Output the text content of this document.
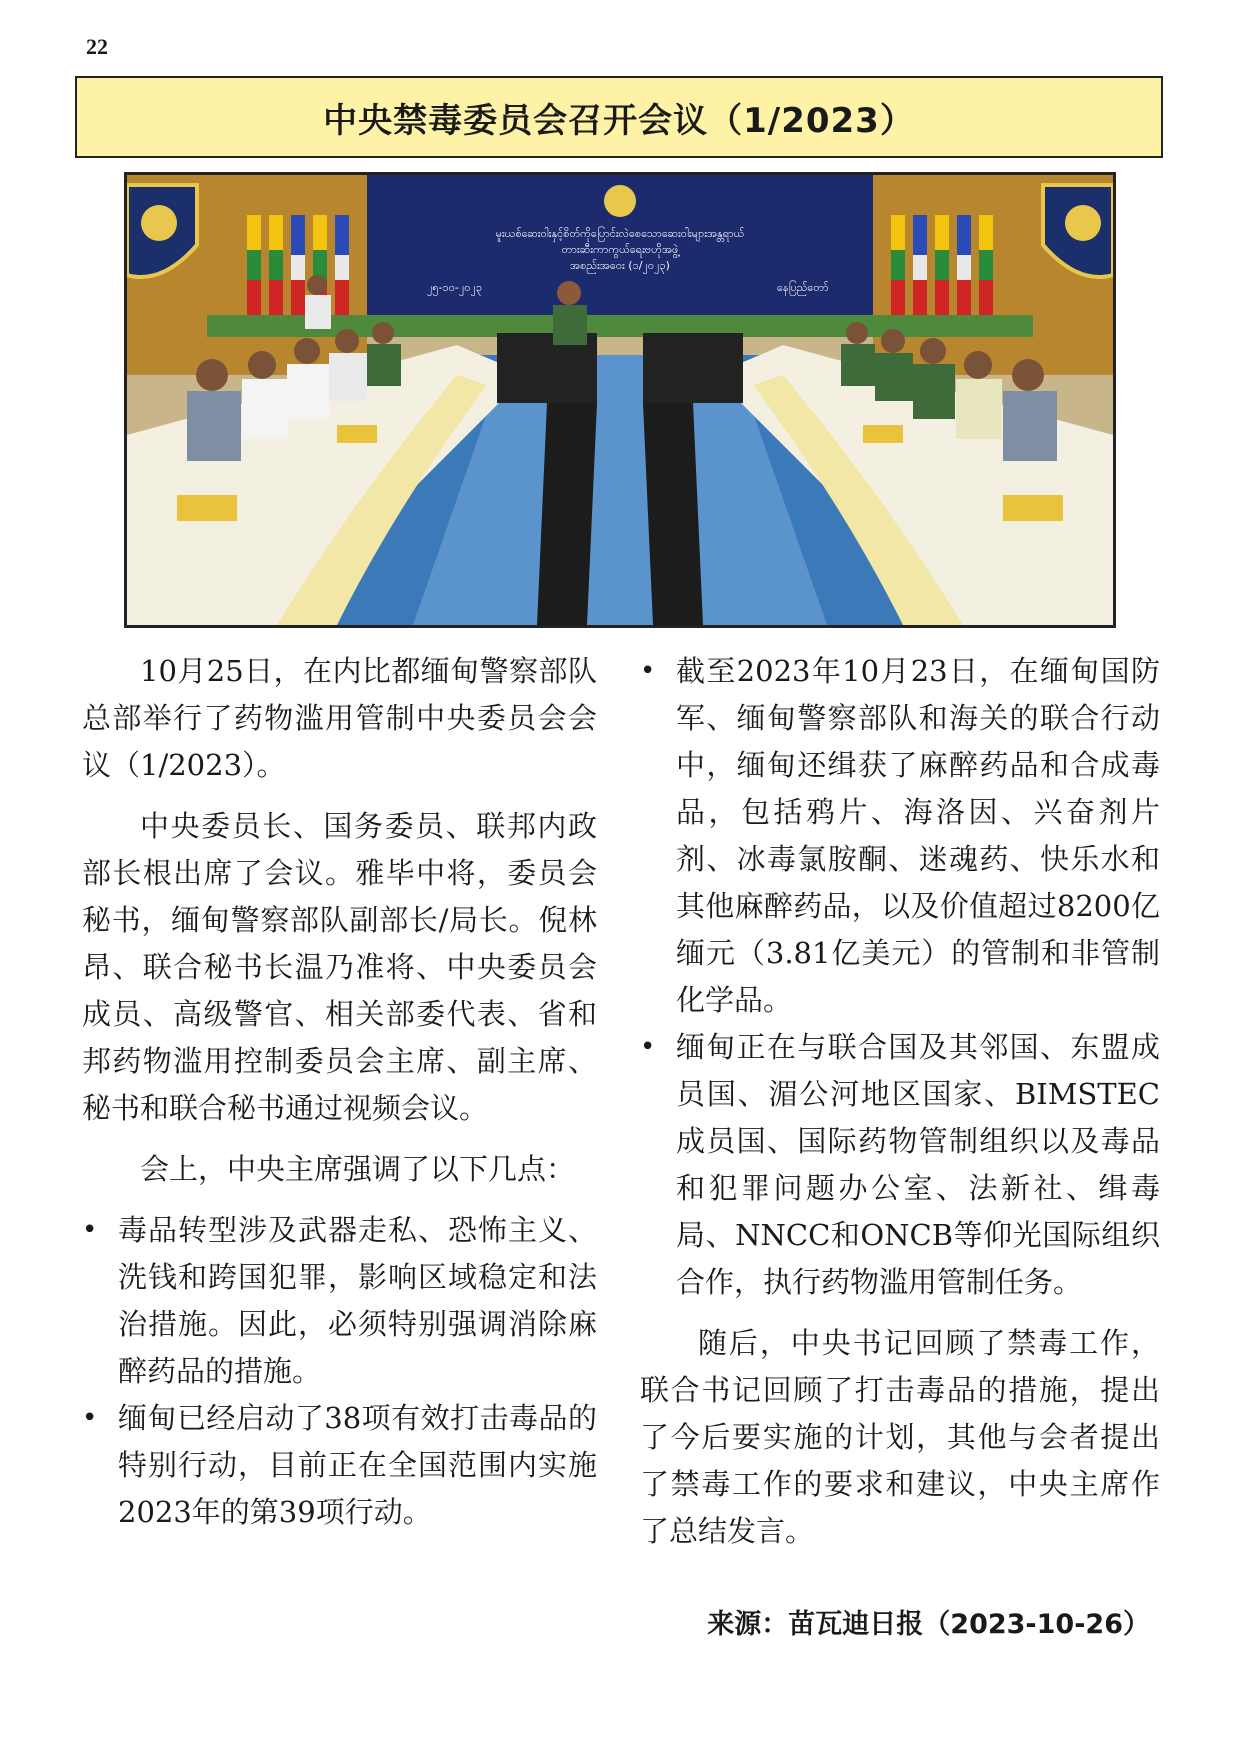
22
中央禁毒委员会召开会议（1/2023）
မူးယစ်ဆေးဝါးနှင့်စိတ်ကိုပြောင်းလဲစေသောဆေးဝါးများအန္တရာယ်
တားဆီးကာကွယ်ရေးဗဟိုအဖွဲ့
အစည်းအဝေး (၁/၂၀၂၃)
၂၅-၁၀-၂၀၂၃	နေပြည်တော်

10月25日，在内比都缅甸警察部队总部举行了药物滥用管制中央委员会会议（1/2023）。

中央委员长、国务委员、联邦内政部长根出席了会议。雅毕中将，委员会秘书，缅甸警察部队副部长/局长。倪林昂、联合秘书长温乃准将、中央委员会成员、高级警官、相关部委代表、省和邦药物滥用控制委员会主席、副主席、秘书和联合秘书通过视频会议。

会上，中央主席强调了以下几点：

• 毒品转型涉及武器走私、恐怖主义、洗钱和跨国犯罪，影响区域稳定和法治措施。因此，必须特别强调消除麻醉药品的措施。
• 缅甸已经启动了38项有效打击毒品的特别行动，目前正在全国范围内实施2023年的第39项行动。
• 截至2023年10月23日，在缅甸国防军、缅甸警察部队和海关的联合行动中，缅甸还缉获了麻醉药品和合成毒品，包括鸦片、海洛因、兴奋剂片剂、冰毒氯胺酮、迷魂药、快乐水和其他麻醉药品，以及价值超过8200亿缅元（3.81亿美元）的管制和非管制化学品。
• 缅甸正在与联合国及其邻国、东盟成员国、湄公河地区国家、BIMSTEC成员国、国际药物管制组织以及毒品和犯罪问题办公室、法新社、缉毒局、NNCC和ONCB等仰光国际组织合作，执行药物滥用管制任务。

随后，中央书记回顾了禁毒工作，联合书记回顾了打击毒品的措施，提出了今后要实施的计划，其他与会者提出了禁毒工作的要求和建议，中央主席作了总结发言。

来源：苗瓦迪日报（2023-10-26）
